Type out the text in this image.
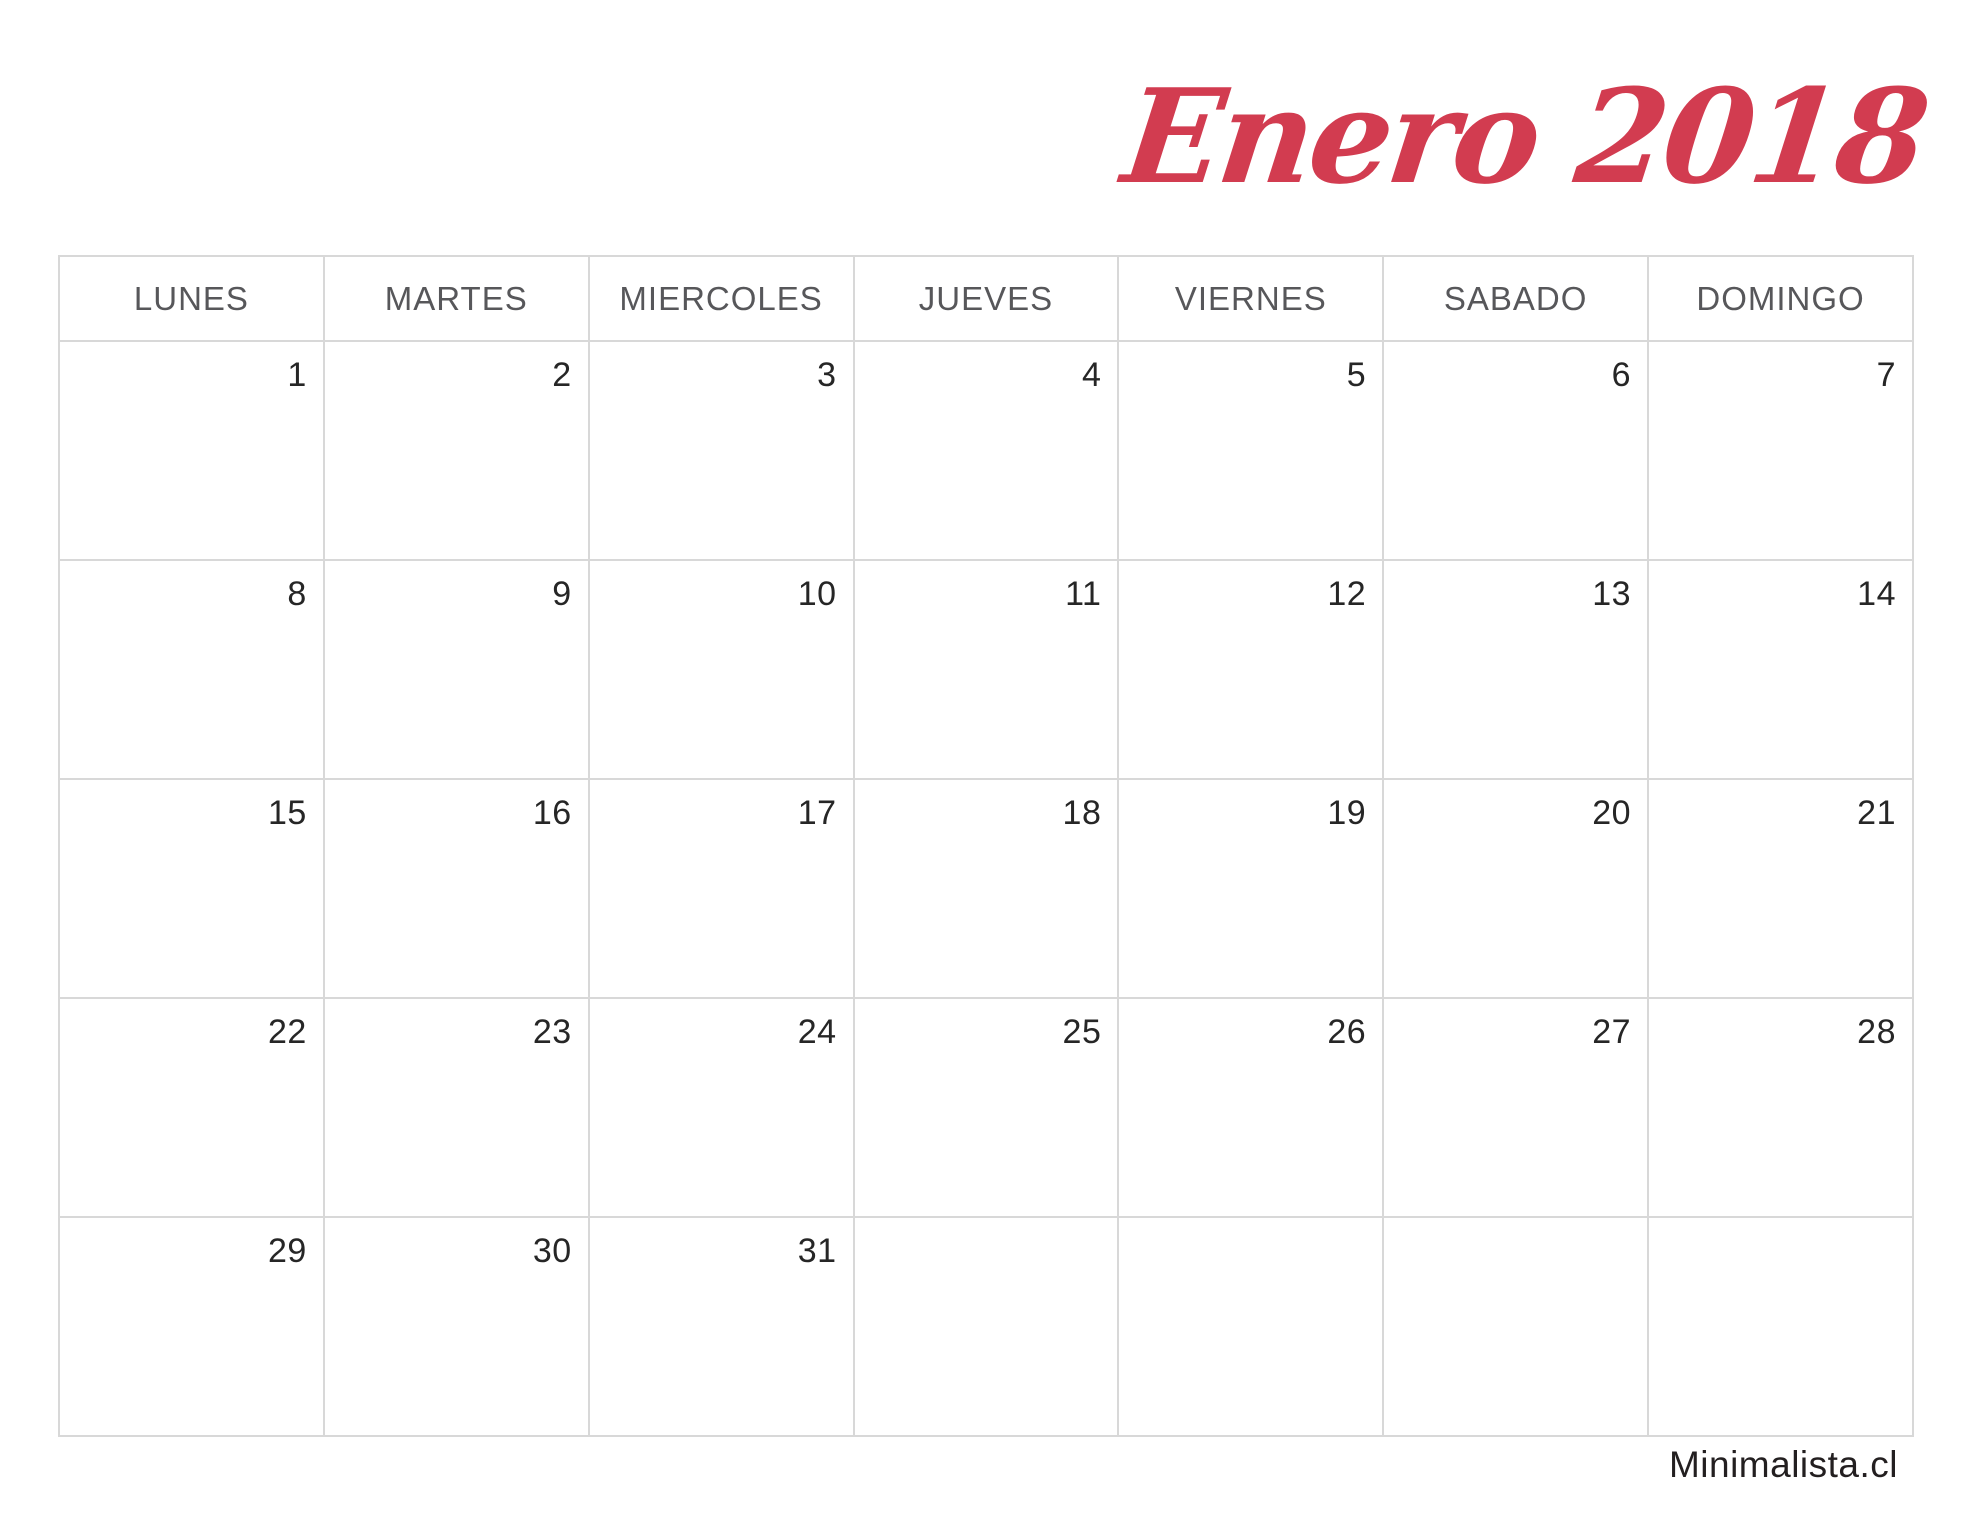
Enero 2018
LUNES	MARTES	MIERCOLES	JUEVES	VIERNES	SABADO	DOMINGO
1	2	3	4	5	6	7
8	9	10	11	12	13	14
15	16	17	18	19	20	21
22	23	24	25	26	27	28
29	30	31				
Minimalista.cl
